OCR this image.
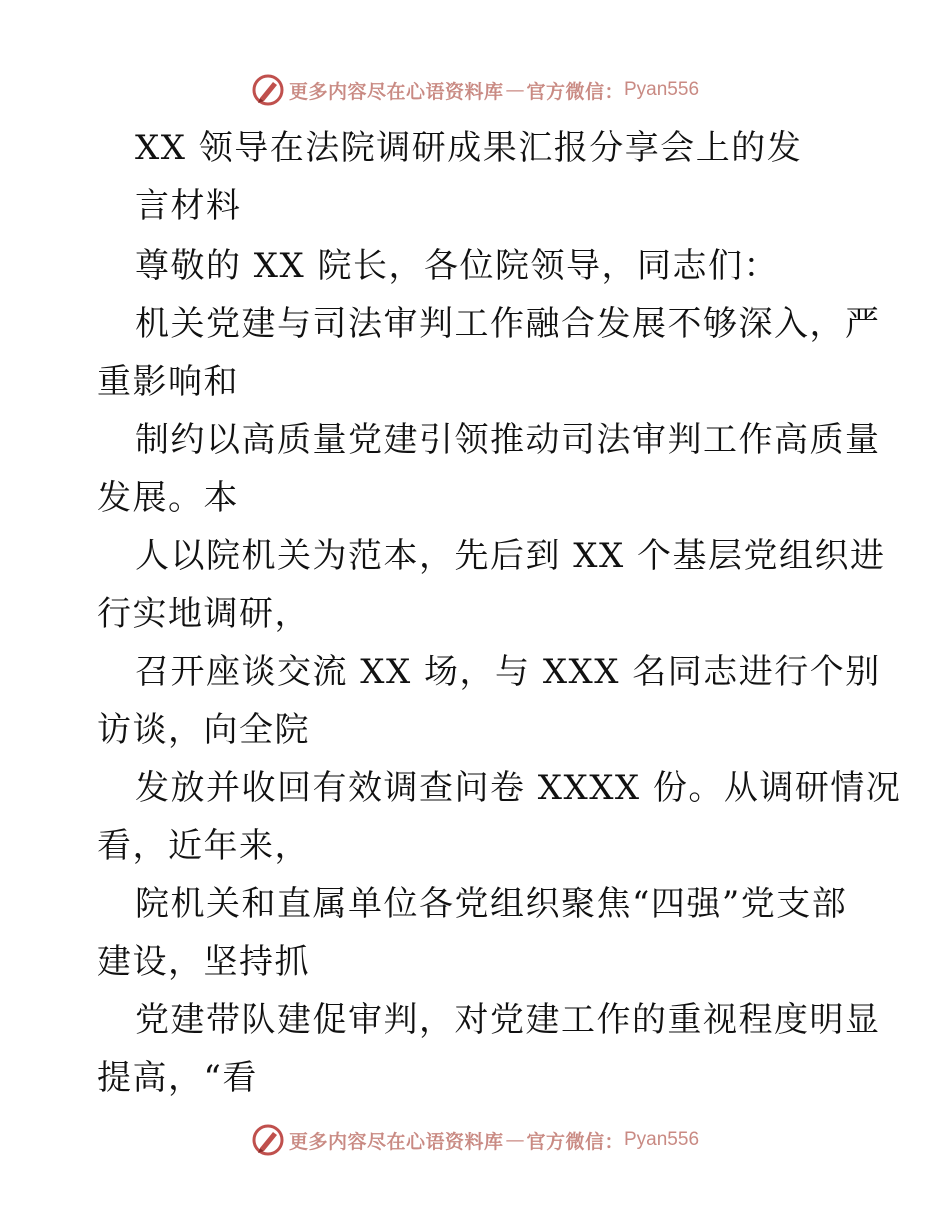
更多内容尽在心语资料库 — 官方微信： Pyan556
XX 领导在法院调研成果汇报分享会上的发
言材料
尊敬的 XX 院长，各位院领导，同志们：
机关党建与司法审判工作融合发展不够深入，严
重影响和
制约以高质量党建引领推动司法审判工作高质量
发展。本
人以院机关为范本，先后到 XX 个基层党组织进
行实地调研，
召开座谈交流 XX 场，与 XXX 名同志进行个别
访谈，向全院
发放并收回有效调查问卷 XXXX 份。从调研情况
看，近年来，
院机关和直属单位各党组织聚焦“四强”党支部
建设，坚持抓
党建带队建促审判，对党建工作的重视程度明显
提高，“看
更多内容尽在心语资料库 — 官方微信： Pyan556
